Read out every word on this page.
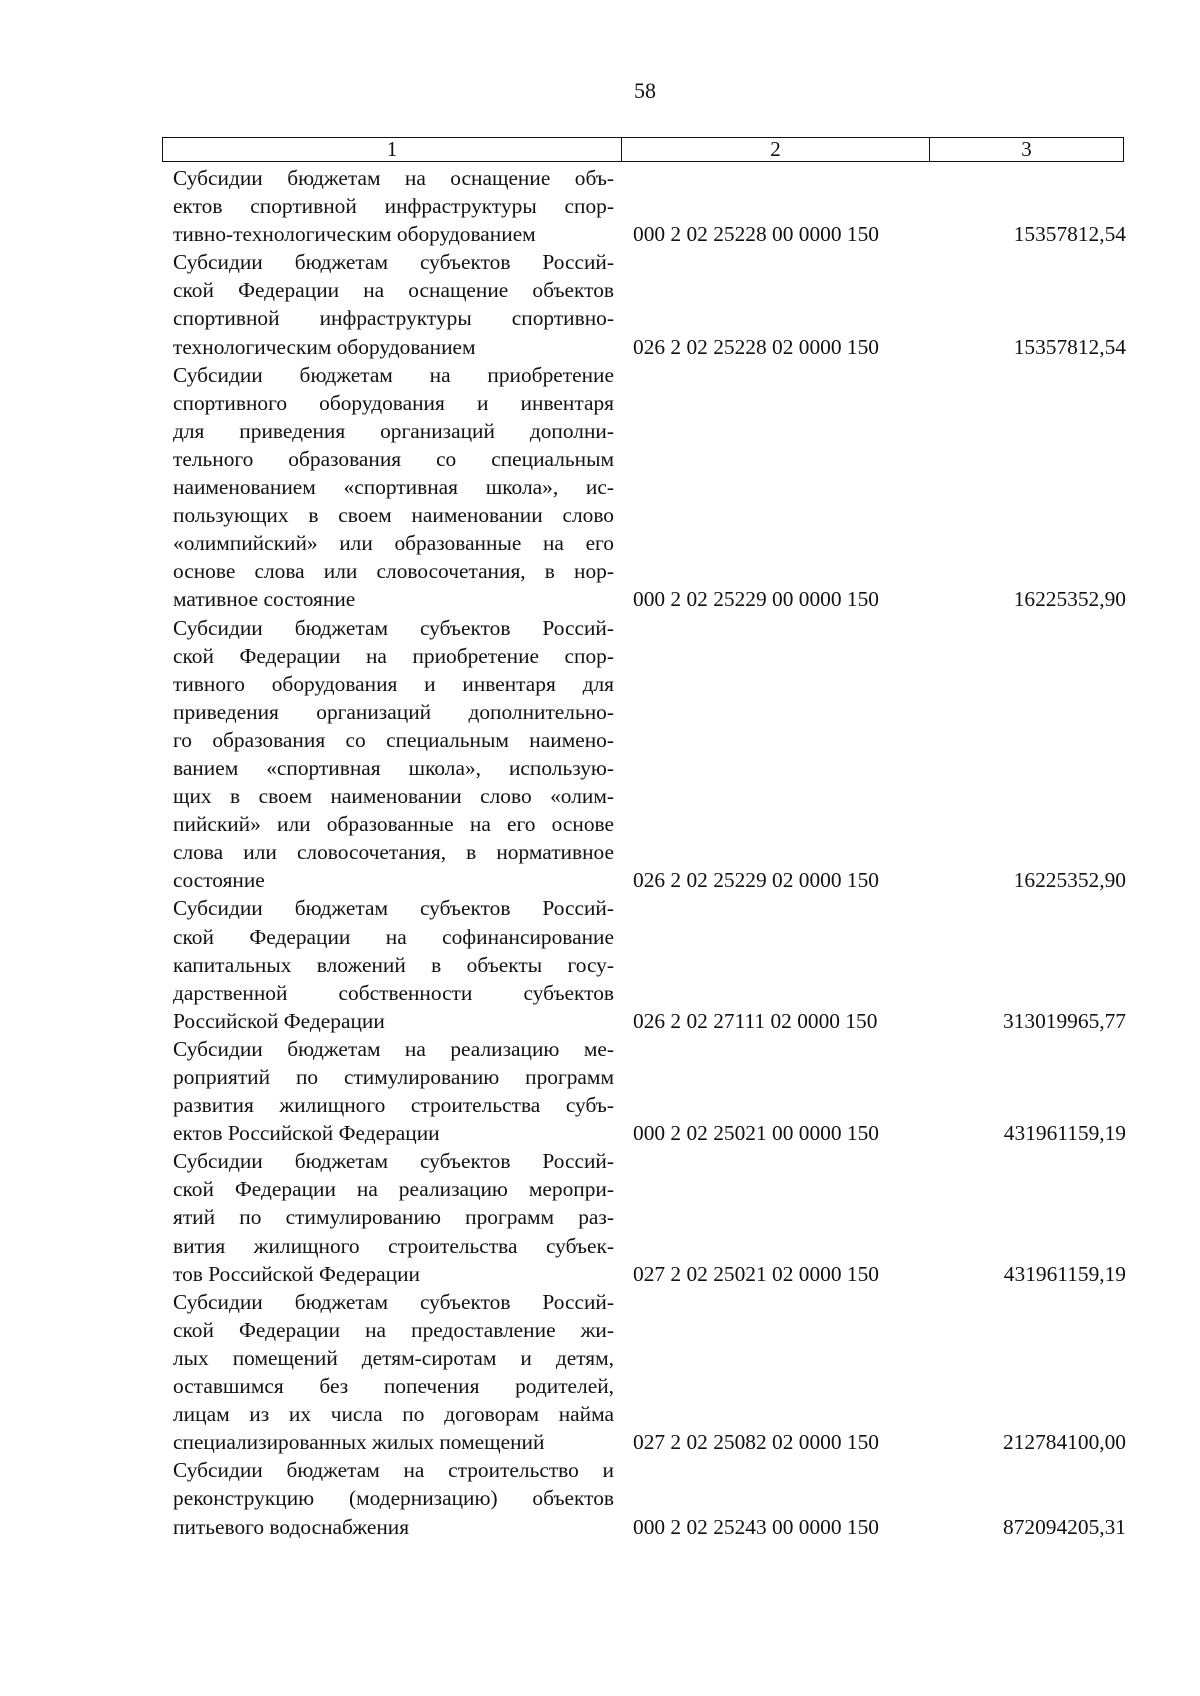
58
1	2	3
Субсидии бюджетам на оснащение объ-
ектов спортивной инфраструктуры спор-
тивно-технологическим оборудованием	000 2 02 25228 00 0000 150	15357812,54
Субсидии бюджетам субъектов Россий-
ской Федерации на оснащение объектов
спортивной инфраструктуры спортивно-
технологическим оборудованием	026 2 02 25228 02 0000 150	15357812,54
Субсидии бюджетам на приобретение
спортивного оборудования и инвентаря
для приведения организаций дополни-
тельного образования со специальным
наименованием «спортивная школа», ис-
пользующих в своем наименовании слово
«олимпийский» или образованные на его
основе слова или словосочетания, в нор-
мативное состояние	000 2 02 25229 00 0000 150	16225352,90
Субсидии бюджетам субъектов Россий-
ской Федерации на приобретение спор-
тивного оборудования и инвентаря для
приведения организаций дополнительно-
го образования со специальным наимено-
ванием «спортивная школа», использую-
щих в своем наименовании слово «олим-
пийский» или образованные на его основе
слова или словосочетания, в нормативное
состояние	026 2 02 25229 02 0000 150	16225352,90
Субсидии бюджетам субъектов Россий-
ской Федерации на софинансирование
капитальных вложений в объекты госу-
дарственной собственности субъектов
Российской Федерации	026 2 02 27111 02 0000 150	313019965,77
Субсидии бюджетам на реализацию ме-
роприятий по стимулированию программ
развития жилищного строительства субъ-
ектов Российской Федерации	000 2 02 25021 00 0000 150	431961159,19
Субсидии бюджетам субъектов Россий-
ской Федерации на реализацию меропри-
ятий по стимулированию программ раз-
вития жилищного строительства субъек-
тов Российской Федерации	027 2 02 25021 02 0000 150	431961159,19
Субсидии бюджетам субъектов Россий-
ской Федерации на предоставление жи-
лых помещений детям-сиротам и детям,
оставшимся без попечения родителей,
лицам из их числа по договорам найма
специализированных жилых помещений	027 2 02 25082 02 0000 150	212784100,00
Субсидии бюджетам на строительство и
реконструкцию (модернизацию) объектов
питьевого водоснабжения	000 2 02 25243 00 0000 150	872094205,31
